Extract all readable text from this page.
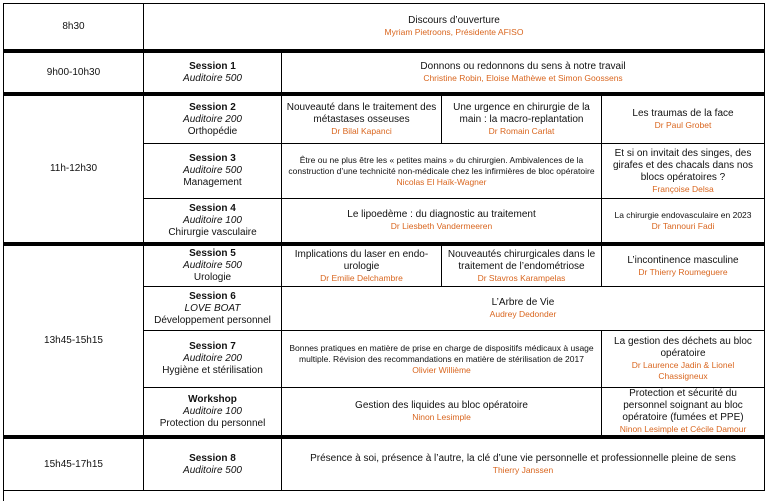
8h30	Discours d’ouverture
Myriam Pietroons, Présidente AFISO
9h00-10h30
Session 1
Auditoire 500
Donnons ou redonnons du sens à notre travail
Christine Robin, Eloise Mathèwe et Simon Goossens
11h-12h30
Session 2
Auditoire 200
Orthopédie
Nouveauté dans le traitement des métastases osseuses
Dr Bilal Kapanci
Une urgence en chirurgie de la main : la macro-replantation
Dr Romain Carlat
Les traumas de la face
Dr Paul Grobet
Session 3
Auditoire 500
Management
Être ou ne plus être les « petites mains » du chirurgien. Ambivalences de la construction d’une technicité non-médicale chez les infirmières de bloc opératoire
Nicolas El Haïk-Wagner
Et si on invitait des singes, des girafes et des chacals dans nos blocs opératoires ?
Françoise Delsa
Session 4
Auditoire 100
Chirurgie vasculaire
Le lipoedème : du diagnostic au traitement
Dr Liesbeth Vandermeeren
La chirurgie endovasculaire en 2023
Dr Tannouri Fadi
13h45-15h15
Session 5
Auditoire 500
Urologie
Implications du laser en endo-urologie
Dr Emilie Delchambre
Nouveautés chirurgicales dans le traitement de l’endométriose
Dr Stavros Karampelas
L’incontinence masculine
Dr Thierry Roumeguere
Session 6
LOVE BOAT
Développement personnel
L’Arbre de Vie
Audrey Dedonder
Session 7
Auditoire 200
Hygiène et stérilisation
Bonnes pratiques en matière de prise en charge de dispositifs médicaux à usage multiple. Révision des recommandations en matière de stérilisation de 2017
Olivier Willième
La gestion des déchets au bloc opératoire
Dr Laurence Jadin & Lionel Chassigneux
Workshop
Auditoire 100
Protection du personnel
Gestion des liquides au bloc opératoire
Ninon Lesimple
Protection et sécurité du personnel soignant au bloc opératoire (fumées et PPE)
Ninon Lesimple et Cécile Damour
15h45-17h15
Session 8
Auditoire 500
Présence à soi, présence à l’autre, la clé d’une vie personnelle et professionnelle pleine de sens
Thierry Janssen
